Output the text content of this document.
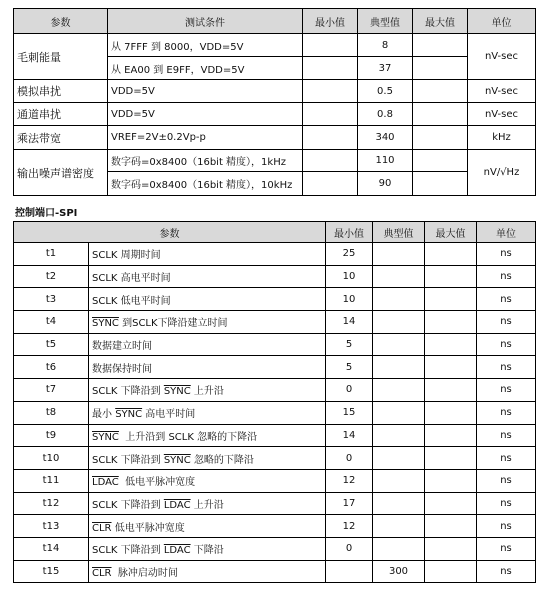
参数	测试条件	最小值	典型值	最大值	单位
毛刺能量	从 7FFF 到 8000，VDD=5V		8		nV-sec
	从 EA00 到 E9FF，VDD=5V		37		
模拟串扰	VDD=5V		0.5		nV-sec
通道串扰	VDD=5V		0.8		nV-sec
乘法带宽	VREF=2V±0.2Vp-p		340		kHz
输出噪声谱密度	数字码=0x8400（16bit 精度），1kHz		110		nV/√Hz
	数字码=0x8400（16bit 精度），10kHz		90		
控制端口-SPI
参数		最小值	典型值	最大值	单位
t1	SCLK 周期时间	25			ns
t2	SCLK 高电平时间	10			ns
t3	SCLK 低电平时间	10			ns
t4	SYNC 到SCLK下降沿建立时间	14			ns
t5	数据建立时间	5			ns
t6	数据保持时间	5			ns
t7	SCLK 下降沿到 SYNC 上升沿	0			ns
t8	最小 SYNC 高电平时间	15			ns
t9	SYNC  上升沿到 SCLK 忽略的下降沿	14			ns
t10	SCLK 下降沿到 SYNC 忽略的下降沿	0			ns
t11	LDAC  低电平脉冲宽度	12			ns
t12	SCLK 下降沿到 LDAC 上升沿	17			ns
t13	$\overline{CLR}$ 低电平脉冲宽度	12			ns
t14	SCLK 下降沿到 LDAC 下降沿	0			ns
t15	$\overline{CLR}$  脉冲启动时间		300		ns
